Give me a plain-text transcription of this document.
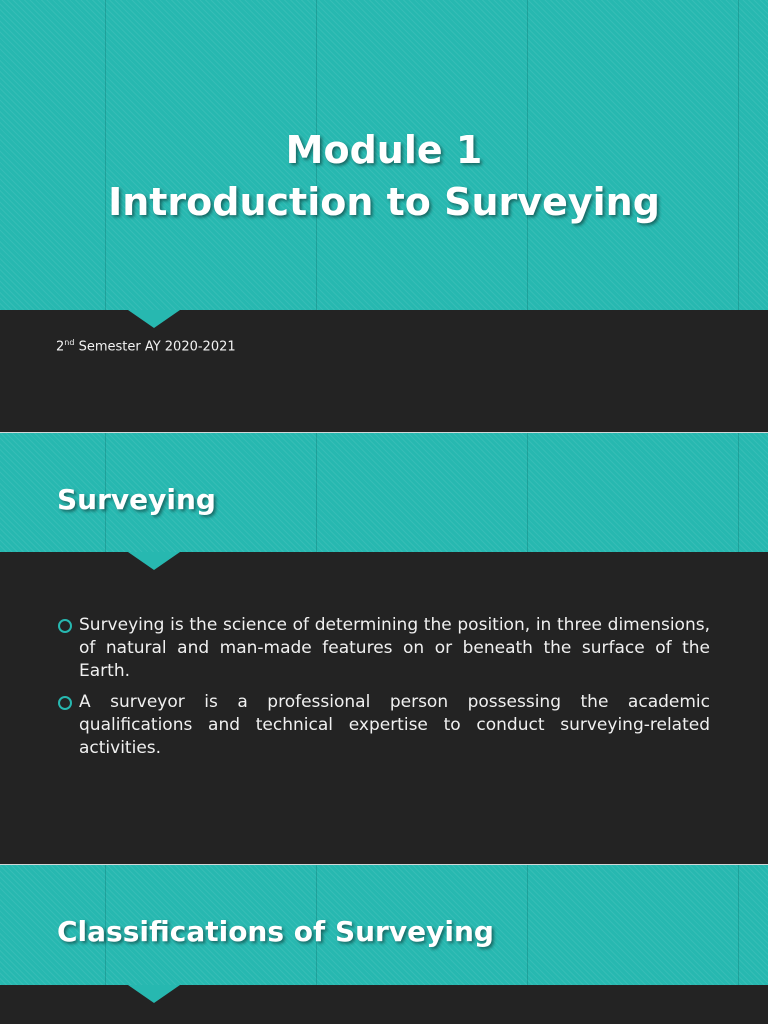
Module 1
Introduction to Surveying

2nd Semester AY 2020-2021

Surveying
Surveying is the science of determining the position, in three dimensions, of natural and man-made features on or beneath the surface of the Earth.
A surveyor is a professional person possessing the academic qualifications and technical expertise to conduct surveying-related activities.
Classifications of Surveying
